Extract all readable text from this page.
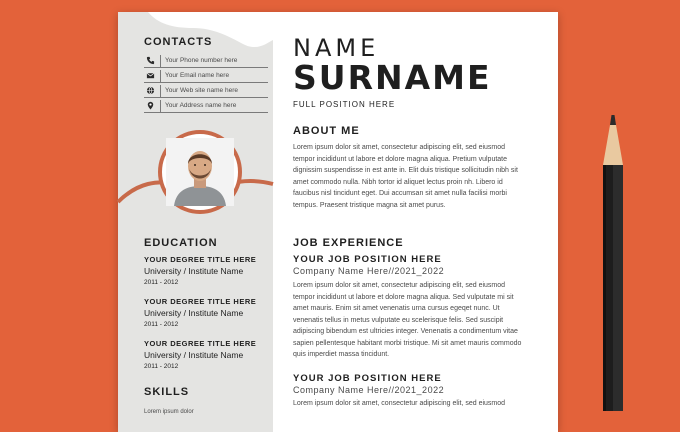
CONTACTS
Your Phone number here
Your Email name here
Your Web site name here
Your Address name here
EDUCATION
YOUR DEGREE TITLE HERE
University / Institute Name
2011 - 2012
YOUR DEGREE TITLE HERE
University / Institute Name
2011 - 2012
YOUR DEGREE TITLE HERE
University / Institute Name
2011 - 2012
SKILLS
Lorem ipsum dolor
NAME
SURNAME
FULL POSITION HERE
ABOUT ME
Lorem ipsum dolor sit amet, consectetur adipiscing elit, sed eiusmod tempor incididunt ut labore et dolore magna aliqua. Pretium vulputate dignissim suspendisse in est ante in. Elit duis tristique sollicitudin nibh sit amet commodo nulla. Nibh tortor id aliquet lectus proin nh. Libero id faucibus nisl tincidunt eget. Dui accumsan sit amet nulla facilisi morbi tempus. Praesent tristique magna sit amet purus.
JOB EXPERIENCE
YOUR JOB POSITION HERE
Company Name Here//2021_2022
Lorem ipsum dolor sit amet, consectetur adipiscing elit, sed eiusmod tempor incididunt ut labore et dolore magna aliqua. Sed vulputate mi sit amet mauris. Enim sit amet venenatis urna cursus egeqet nunc. Ut venenatis tellus in metus vulputate eu scelerisque felis. Sed suscipit adipiscing bibendum est ultricies integer. Venenatis a condimentum vitae sapien pellentesque habitant morbi tristique. Mi sit amet mauris commodo quis imperdiet massa tincidunt.
YOUR JOB POSITION HERE
Company Name Here//2021_2022
Lorem ipsum dolor sit amet, consectetur adipiscing elit, sed eiusmod
